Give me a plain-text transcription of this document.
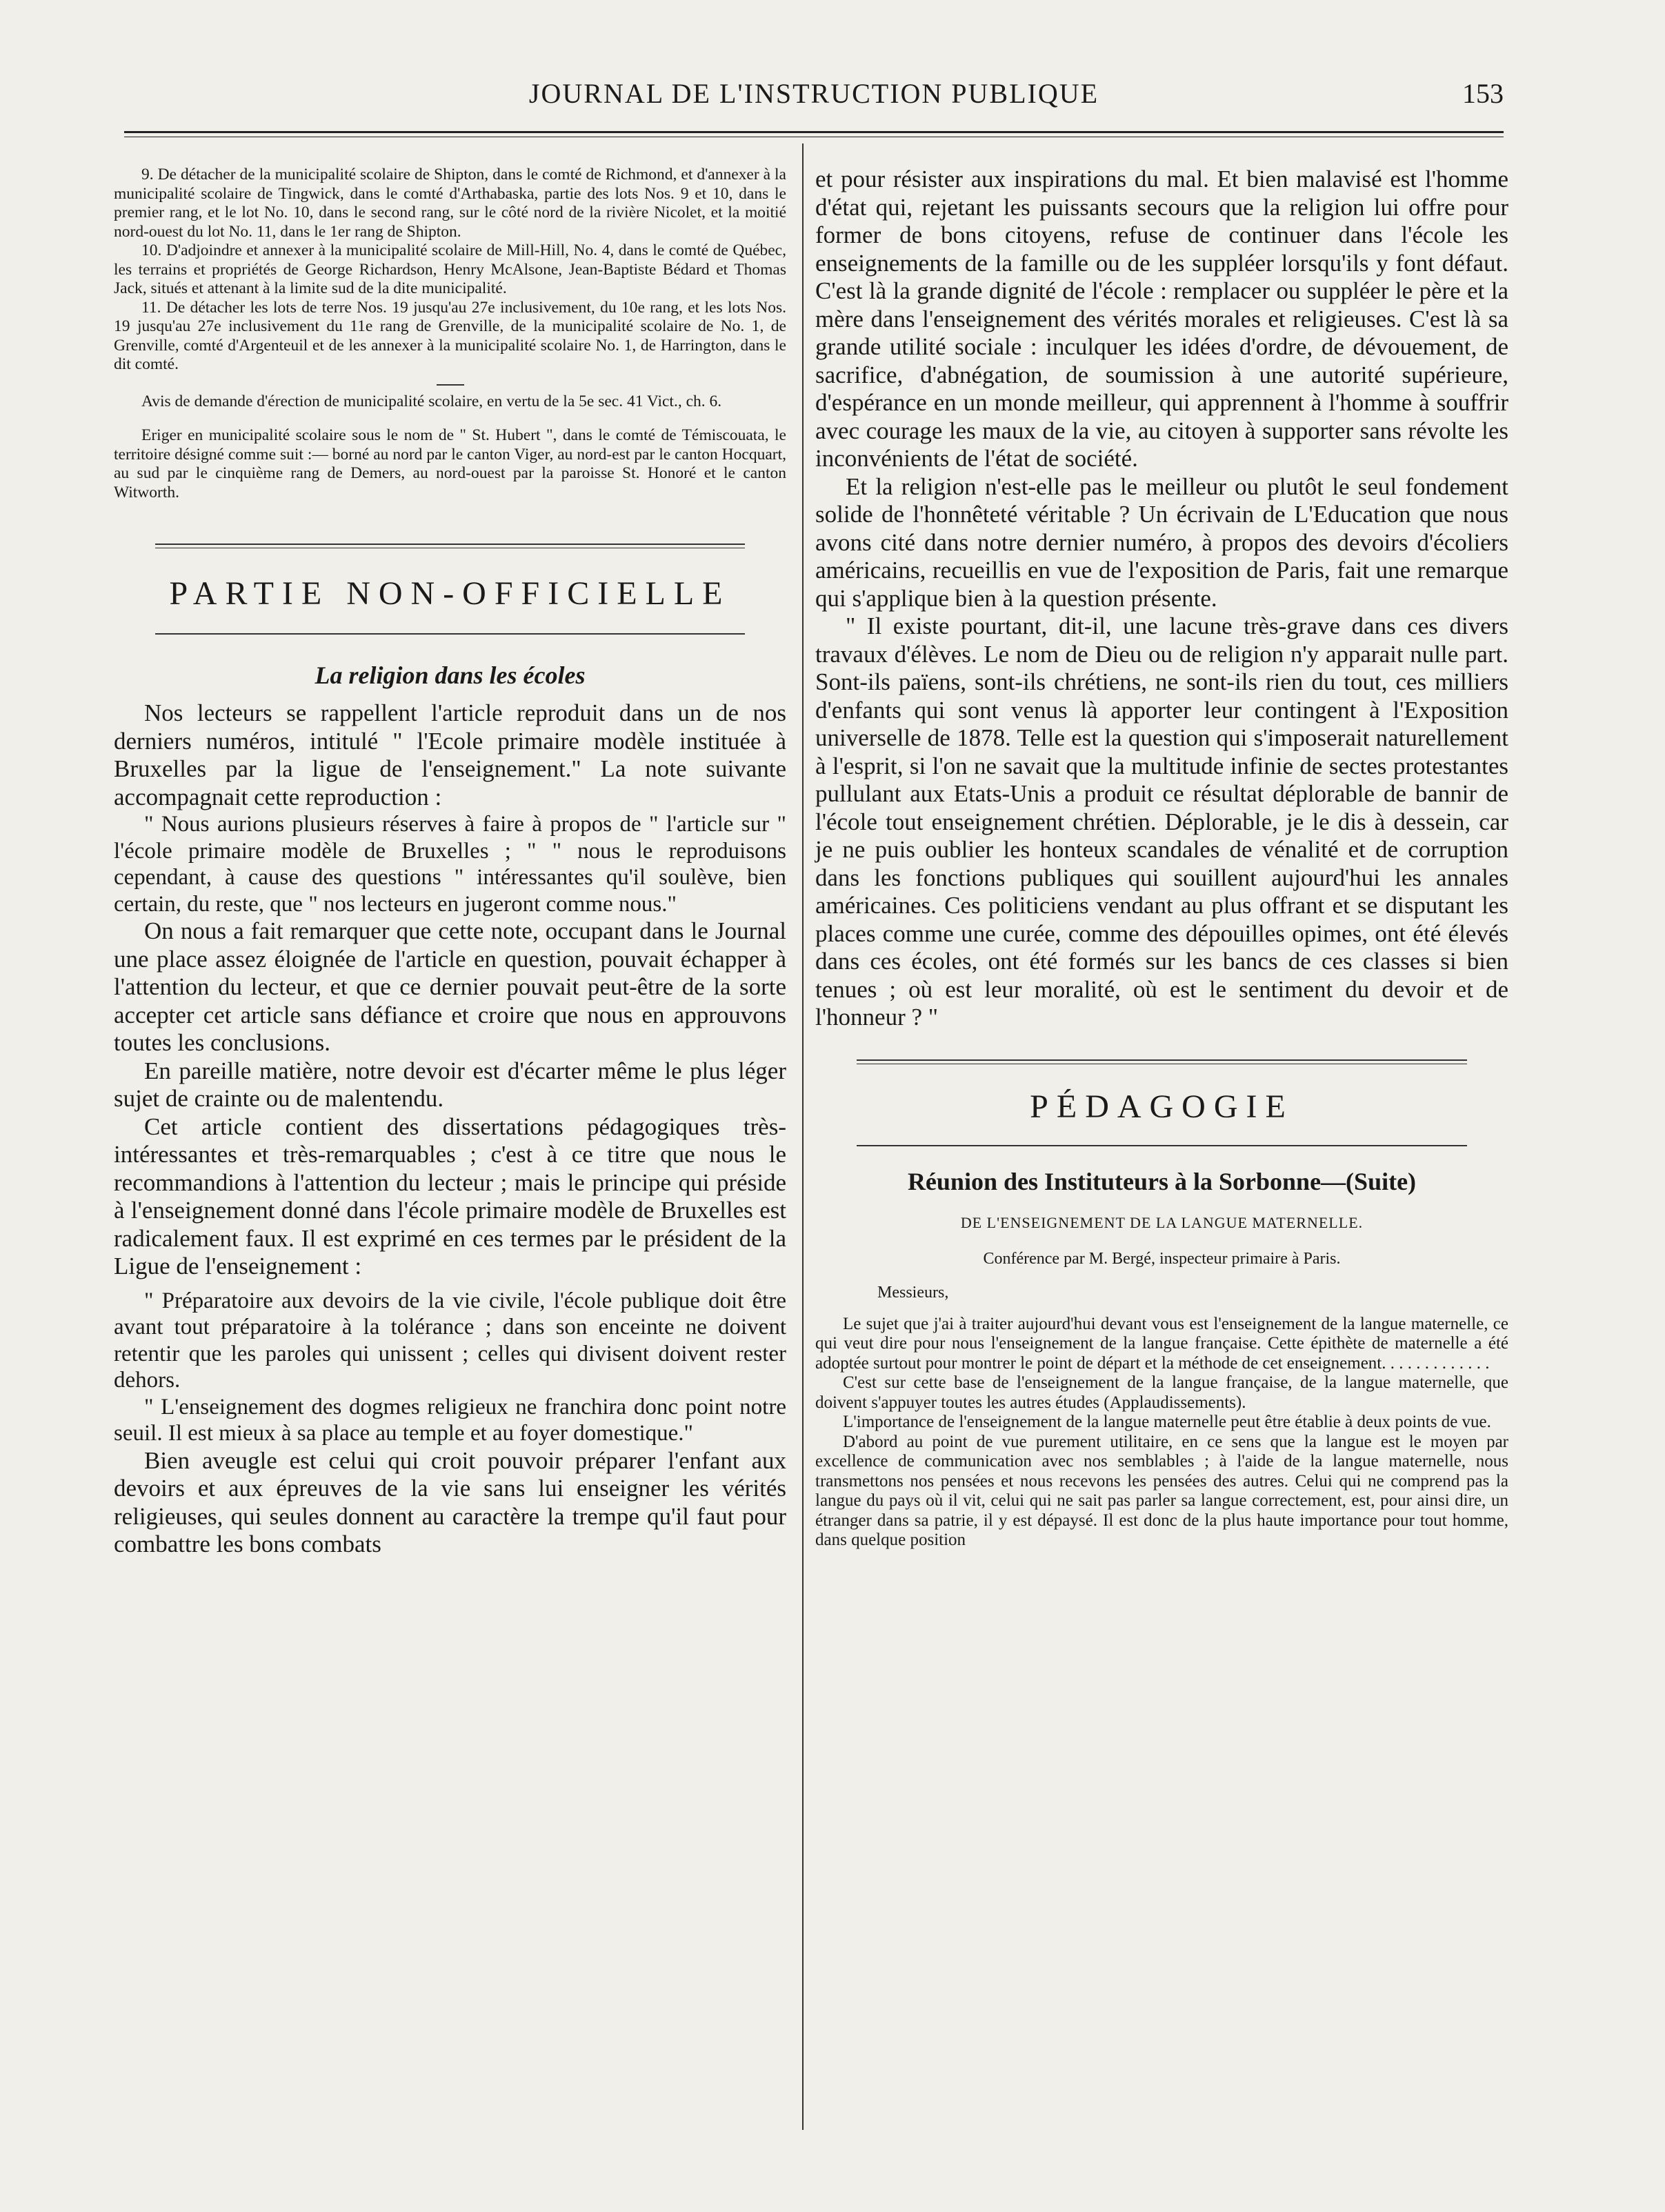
JOURNAL DE L'INSTRUCTION PUBLIQUE	153

9. De détacher de la municipalité scolaire de Shipton, dans le comté de Richmond, et d'annexer à la municipalité scolaire de Tingwick, dans le comté d'Arthabaska, partie des lots Nos. 9 et 10, dans le premier rang, et le lot No. 10, dans le second rang, sur le côté nord de la rivière Nicolet, et la moitié nord-ouest du lot No. 11, dans le 1er rang de Shipton.

10. D'adjoindre et annexer à la municipalité scolaire de Mill-Hill, No. 4, dans le comté de Québec, les terrains et propriétés de George Richardson, Henry McAlsone, Jean-Baptiste Bédard et Thomas Jack, situés et attenant à la limite sud de la dite municipalité.

11. De détacher les lots de terre Nos. 19 jusqu'au 27e inclusivement, du 10e rang, et les lots Nos. 19 jusqu'au 27e inclusivement du 11e rang de Grenville, de la municipalité scolaire de No. 1, de Grenville, comté d'Argenteuil et de les annexer à la municipalité scolaire No. 1, de Harrington, dans le dit comté.

Avis de demande d'érection de municipalité scolaire, en vertu de la 5e sec. 41 Vict., ch. 6.

Eriger en municipalité scolaire sous le nom de " St. Hubert ", dans le comté de Témiscouata, le territoire désigné comme suit :— borné au nord par le canton Viger, au nord-est par le canton Hocquart, au sud par le cinquième rang de Demers, au nord-ouest par la paroisse St. Honoré et le canton Witworth.

PARTIE NON-OFFICIELLE
La religion dans les écoles

Nos lecteurs se rappellent l'article reproduit dans un de nos derniers numéros, intitulé " l'Ecole primaire modèle instituée à Bruxelles par la ligue de l'enseignement." La note suivante accompagnait cette reproduction :

" Nous aurions plusieurs réserves à faire à propos de " l'article sur " l'école primaire modèle de Bruxelles ; " " nous le reproduisons cependant, à cause des questions " intéressantes qu'il soulève, bien certain, du reste, que " nos lecteurs en jugeront comme nous."

On nous a fait remarquer que cette note, occupant dans le Journal une place assez éloignée de l'article en question, pouvait échapper à l'attention du lecteur, et que ce dernier pouvait peut-être de la sorte accepter cet article sans défiance et croire que nous en approuvons toutes les conclusions.

En pareille matière, notre devoir est d'écarter même le plus léger sujet de crainte ou de malentendu.

Cet article contient des dissertations pédagogiques très-intéressantes et très-remarquables ; c'est à ce titre que nous le recommandions à l'attention du lecteur ; mais le principe qui préside à l'enseignement donné dans l'école primaire modèle de Bruxelles est radicalement faux. Il est exprimé en ces termes par le président de la Ligue de l'enseignement :

" Préparatoire aux devoirs de la vie civile, l'école publique doit être avant tout préparatoire à la tolérance ; dans son enceinte ne doivent retentir que les paroles qui unissent ; celles qui divisent doivent rester dehors.

" L'enseignement des dogmes religieux ne franchira donc point notre seuil. Il est mieux à sa place au temple et au foyer domestique."

Bien aveugle est celui qui croit pouvoir préparer l'enfant aux devoirs et aux épreuves de la vie sans lui enseigner les vérités religieuses, qui seules donnent au caractère la trempe qu'il faut pour combattre les bons combats

et pour résister aux inspirations du mal. Et bien malavisé est l'homme d'état qui, rejetant les puissants secours que la religion lui offre pour former de bons citoyens, refuse de continuer dans l'école les enseignements de la famille ou de les suppléer lorsqu'ils y font défaut. C'est là la grande dignité de l'école : remplacer ou suppléer le père et la mère dans l'enseignement des vérités morales et religieuses. C'est là sa grande utilité sociale : inculquer les idées d'ordre, de dévouement, de sacrifice, d'abnégation, de soumission à une autorité supérieure, d'espérance en un monde meilleur, qui apprennent à l'homme à souffrir avec courage les maux de la vie, au citoyen à supporter sans révolte les inconvénients de l'état de société.

Et la religion n'est-elle pas le meilleur ou plutôt le seul fondement solide de l'honnêteté véritable ? Un écrivain de L'Education que nous avons cité dans notre dernier numéro, à propos des devoirs d'écoliers américains, recueillis en vue de l'exposition de Paris, fait une remarque qui s'applique bien à la question présente.

" Il existe pourtant, dit-il, une lacune très-grave dans ces divers travaux d'élèves. Le nom de Dieu ou de religion n'y apparait nulle part. Sont-ils païens, sont-ils chrétiens, ne sont-ils rien du tout, ces milliers d'enfants qui sont venus là apporter leur contingent à l'Exposition universelle de 1878. Telle est la question qui s'imposerait naturellement à l'esprit, si l'on ne savait que la multitude infinie de sectes protestantes pullulant aux Etats-Unis a produit ce résultat déplorable de bannir de l'école tout enseignement chrétien. Déplorable, je le dis à dessein, car je ne puis oublier les honteux scandales de vénalité et de corruption dans les fonctions publiques qui souillent aujourd'hui les annales américaines. Ces politiciens vendant au plus offrant et se disputant les places comme une curée, comme des dépouilles opimes, ont été élevés dans ces écoles, ont été formés sur les bancs de ces classes si bien tenues ; où est leur moralité, où est le sentiment du devoir et de l'honneur ? "

PÉDAGOGIE
Réunion des Instituteurs à la Sorbonne—(Suite)
DE L'ENSEIGNEMENT DE LA LANGUE MATERNELLE.
Conférence par M. Bergé, inspecteur primaire à Paris.
Messieurs,

Le sujet que j'ai à traiter aujourd'hui devant vous est l'enseignement de la langue maternelle, ce qui veut dire pour nous l'enseignement de la langue française. Cette épithète de maternelle a été adoptée surtout pour montrer le point de départ et la méthode de cet enseignement. . . . . . . . . . . . .

C'est sur cette base de l'enseignement de la langue française, de la langue maternelle, que doivent s'appuyer toutes les autres études (Applaudissements).

L'importance de l'enseignement de la langue maternelle peut être établie à deux points de vue.

D'abord au point de vue purement utilitaire, en ce sens que la langue est le moyen par excellence de communication avec nos semblables ; à l'aide de la langue maternelle, nous transmettons nos pensées et nous recevons les pensées des autres. Celui qui ne comprend pas la langue du pays où il vit, celui qui ne sait pas parler sa langue correctement, est, pour ainsi dire, un étranger dans sa patrie, il y est dépaysé. Il est donc de la plus haute importance pour tout homme, dans quelque position
